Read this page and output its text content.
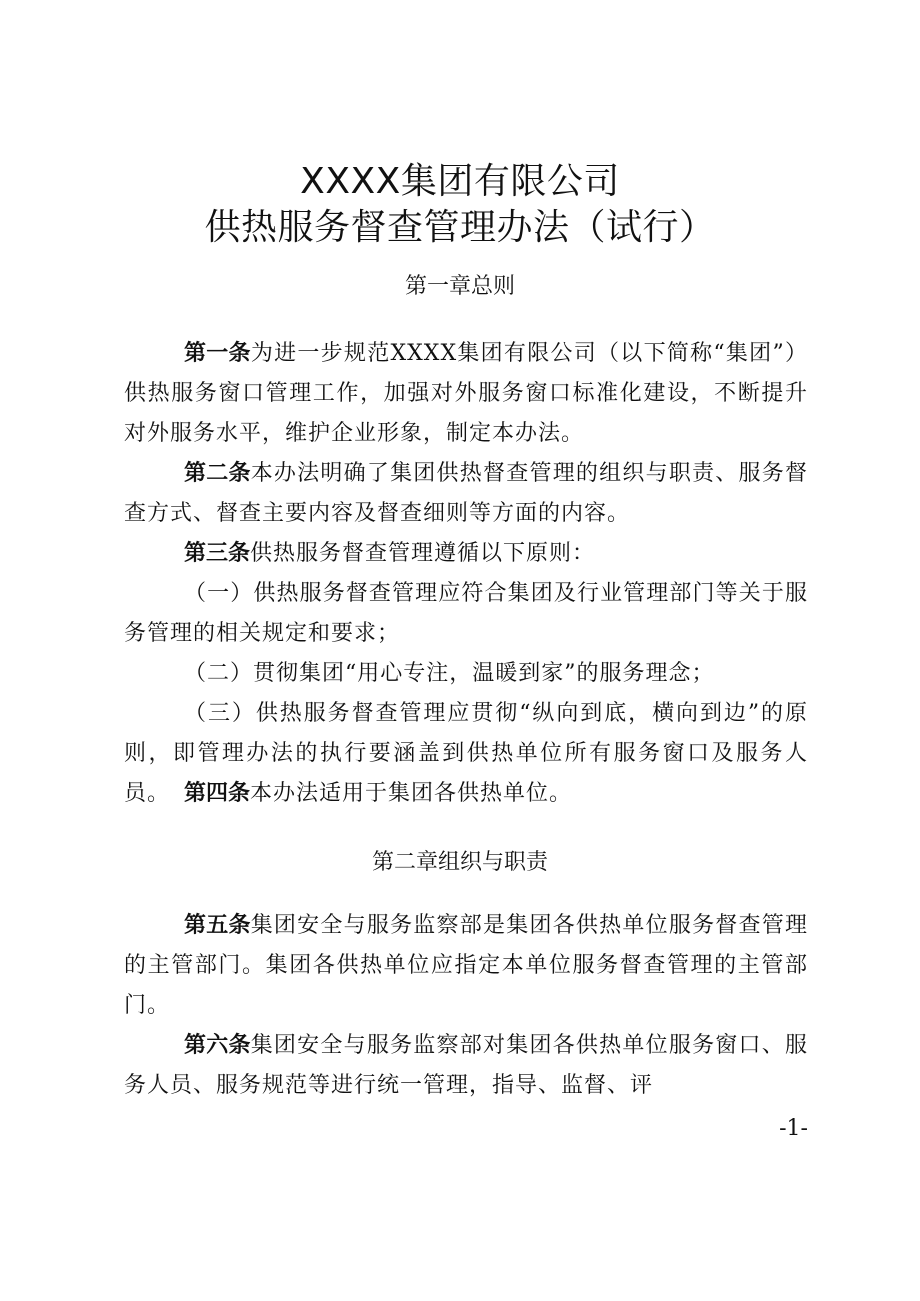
XXXX集团有限公司
供热服务督查管理办法（试行）
第一章总则

第一条为进一步规范XXXX集团有限公司（以下简称“集团”）供热服务窗口管理工作，加强对外服务窗口标准化建设，不断提升对外服务水平，维护企业形象，制定本办法。

第二条本办法明确了集团供热督查管理的组织与职责、服务督查方式、督查主要内容及督查细则等方面的内容。

第三条供热服务督查管理遵循以下原则：

（一）供热服务督查管理应符合集团及行业管理部门等关于服务管理的相关规定和要求；

（二）贯彻集团“用心专注，温暖到家”的服务理念；

（三）供热服务督查管理应贯彻“纵向到底，横向到边”的原则，即管理办法的执行要涵盖到供热单位所有服务窗口及服务人员。 第四条本办法适用于集团各供热单位。

第二章组织与职责

第五条集团安全与服务监察部是集团各供热单位服务督查管理的主管部门。集团各供热单位应指定本单位服务督查管理的主管部门。

第六条集团安全与服务监察部对集团各供热单位服务窗口、服务人员、服务规范等进行统一管理，指导、监督、评

-1-
